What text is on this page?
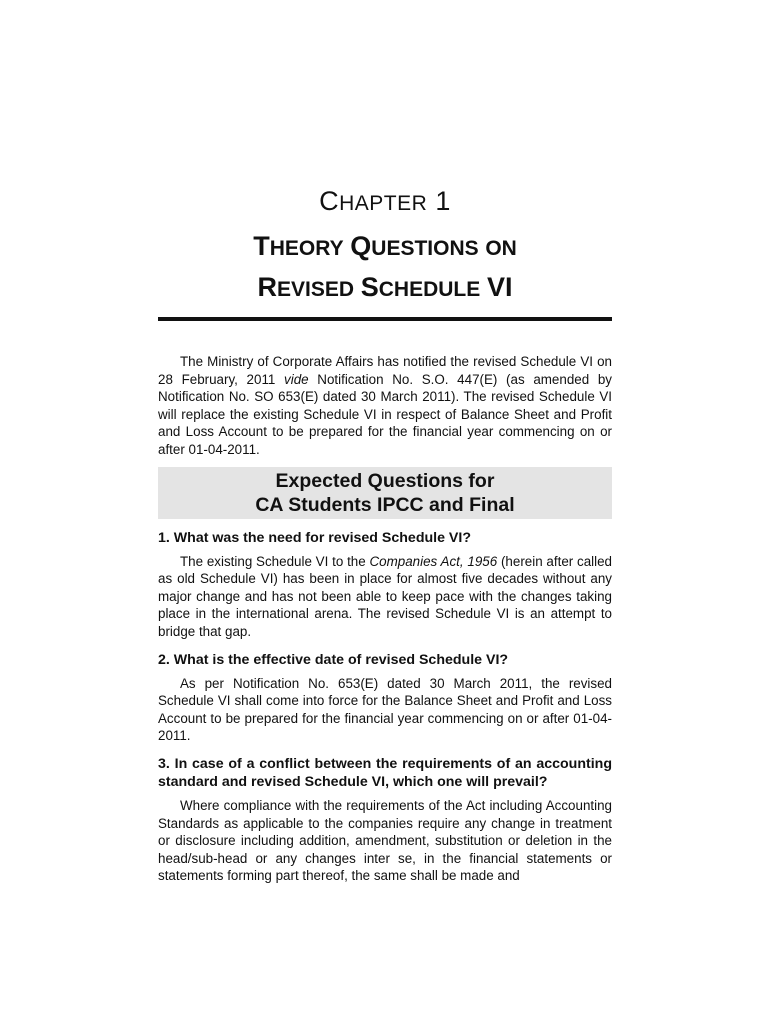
CHAPTER 1
THEORY QUESTIONS ON
REVISED SCHEDULE VI

The Ministry of Corporate Affairs has notified the revised Schedule VI on 28 February, 2011 vide Notification No. S.O. 447(E) (as amended by Notification No. SO 653(E) dated 30 March 2011). The revised Schedule VI will replace the existing Schedule VI in respect of Balance Sheet and Profit and Loss Account to be prepared for the financial year commencing on or after 01-04-2011.

Expected Questions for
CA Students IPCC and Final
1. What was the need for revised Schedule VI?

The existing Schedule VI to the Companies Act, 1956 (herein after called as old Schedule VI) has been in place for almost five decades without any major change and has not been able to keep pace with the changes taking place in the international arena. The revised Schedule VI is an attempt to bridge that gap.

2. What is the effective date of revised Schedule VI?

As per Notification No. 653(E) dated 30 March 2011, the revised Schedule VI shall come into force for the Balance Sheet and Profit and Loss Account to be prepared for the financial year commencing on or after 01-04-2011.

3. In case of a conflict between the requirements of an accounting standard and revised Schedule VI, which one will prevail?

Where compliance with the requirements of the Act including Accounting Standards as applicable to the companies require any change in treatment or disclosure including addition, amendment, substitution or deletion in the head/sub-head or any changes inter se, in the financial statements or statements forming part thereof, the same shall be made and
